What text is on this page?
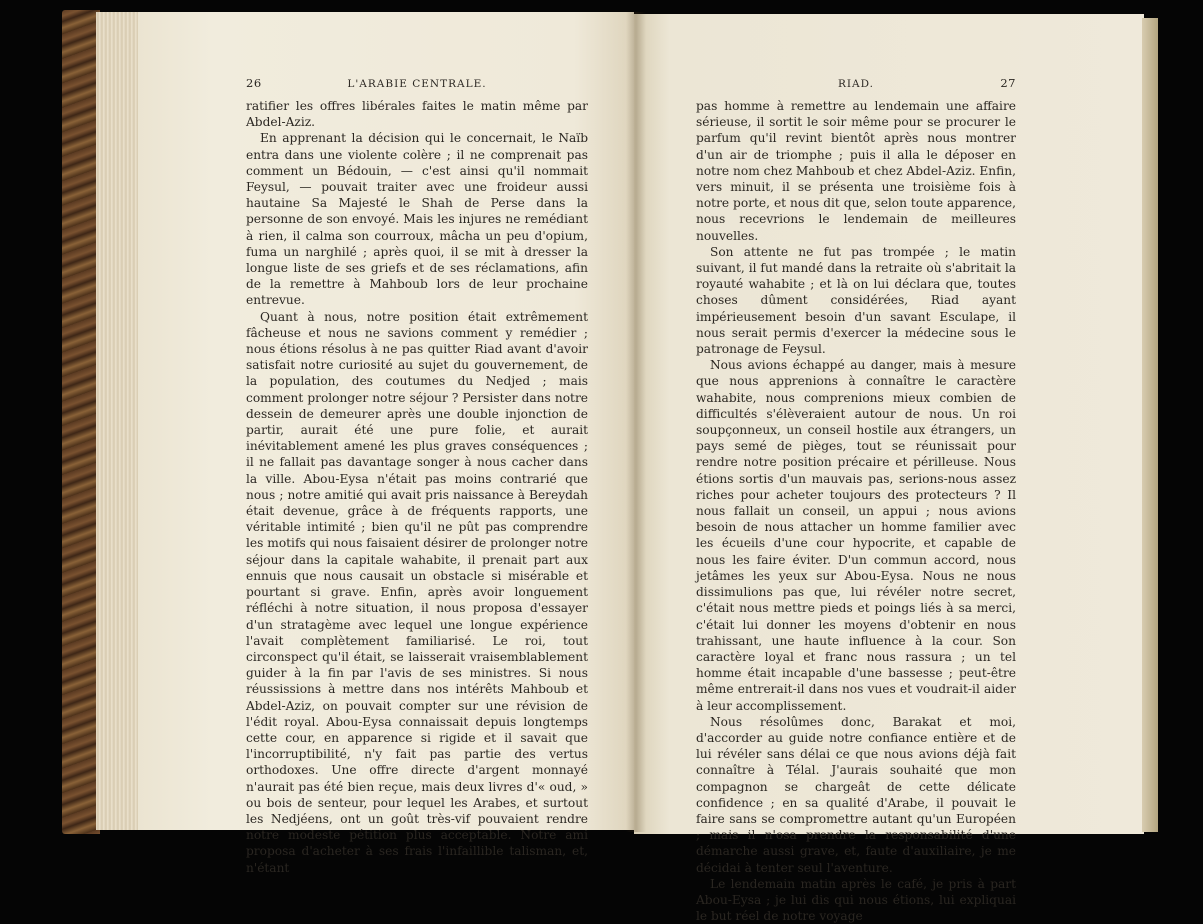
26	L'ARABIE CENTRALE.

ratifier les offres libérales faites le matin même par Abdel-Aziz.

En apprenant la décision qui le concernait, le Naïb entra dans une violente colère ; il ne comprenait pas comment un Bédouin, — c'est ainsi qu'il nommait Feysul, — pouvait traiter avec une froideur aussi hautaine Sa Majesté le Shah de Perse dans la personne de son envoyé. Mais les injures ne remédiant à rien, il calma son courroux, mâcha un peu d'opium, fuma un narghilé ; après quoi, il se mit à dresser la longue liste de ses griefs et de ses réclamations, afin de la remettre à Mahboub lors de leur prochaine entrevue.

Quant à nous, notre position était extrêmement fâcheuse et nous ne savions comment y remédier ; nous étions résolus à ne pas quitter Riad avant d'avoir satisfait notre curiosité au sujet du gouvernement, de la population, des coutumes du Nedjed ; mais comment prolonger notre séjour ? Persister dans notre dessein de demeurer après une double injonction de partir, aurait été une pure folie, et aurait inévitablement amené les plus graves conséquences ; il ne fallait pas davantage songer à nous cacher dans la ville. Abou-Eysa n'était pas moins contrarié que nous ; notre amitié qui avait pris naissance à Bereydah était devenue, grâce à de fréquents rapports, une véritable intimité ; bien qu'il ne pût pas comprendre les motifs qui nous faisaient désirer de prolonger notre séjour dans la capitale wahabite, il prenait part aux ennuis que nous causait un obstacle si misérable et pourtant si grave. Enfin, après avoir longuement réfléchi à notre situation, il nous proposa d'essayer d'un stratagème avec lequel une longue expérience l'avait complètement familiarisé. Le roi, tout circonspect qu'il était, se laisserait vraisemblablement guider à la fin par l'avis de ses ministres. Si nous réussissions à mettre dans nos intérêts Mahboub et Abdel-Aziz, on pouvait compter sur une révision de l'édit royal. Abou-Eysa connaissait depuis longtemps cette cour, en apparence si rigide et il savait que l'incorruptibilité, n'y fait pas partie des vertus orthodoxes. Une offre directe d'argent monnayé n'aurait pas été bien reçue, mais deux livres d'« oud, » ou bois de senteur, pour lequel les Arabes, et surtout les Nedjéens, ont un goût très-vif pouvaient rendre notre modeste pétition plus acceptable. Notre ami proposa d'acheter à ses frais l'infaillible talisman, et, n'étant

RIAD.	27

pas homme à remettre au lendemain une affaire sérieuse, il sortit le soir même pour se procurer le parfum qu'il revint bientôt après nous montrer d'un air de triomphe ; puis il alla le déposer en notre nom chez Mahboub et chez Abdel-Aziz. Enfin, vers minuit, il se présenta une troisième fois à notre porte, et nous dit que, selon toute apparence, nous recevrions le lendemain de meilleures nouvelles.

Son attente ne fut pas trompée ; le matin suivant, il fut mandé dans la retraite où s'abritait la royauté wahabite ; et là on lui déclara que, toutes choses dûment considérées, Riad ayant impérieusement besoin d'un savant Esculape, il nous serait permis d'exercer la médecine sous le patronage de Feysul.

Nous avions échappé au danger, mais à mesure que nous apprenions à connaître le caractère wahabite, nous comprenions mieux combien de difficultés s'élèveraient autour de nous. Un roi soupçonneux, un conseil hostile aux étrangers, un pays semé de pièges, tout se réunissait pour rendre notre position précaire et périlleuse. Nous étions sortis d'un mauvais pas, serions-nous assez riches pour acheter toujours des protecteurs ? Il nous fallait un conseil, un appui ; nous avions besoin de nous attacher un homme familier avec les écueils d'une cour hypocrite, et capable de nous les faire éviter. D'un commun accord, nous jetâmes les yeux sur Abou-Eysa. Nous ne nous dissimulions pas que, lui révéler notre secret, c'était nous mettre pieds et poings liés à sa merci, c'était lui donner les moyens d'obtenir en nous trahissant, une haute influence à la cour. Son caractère loyal et franc nous rassura ; un tel homme était incapable d'une bassesse ; peut-être même entrerait-il dans nos vues et voudrait-il aider à leur accomplissement.

Nous résolûmes donc, Barakat et moi, d'accorder au guide notre confiance entière et de lui révéler sans délai ce que nous avions déjà fait connaître à Télal. J'aurais souhaité que mon compagnon se chargeât de cette délicate confidence ; en sa qualité d'Arabe, il pouvait le faire sans se compromettre autant qu'un Européen ; mais il n'osa prendre la responsabilité d'une démarche aussi grave, et, faute d'auxiliaire, je me décidai à tenter seul l'aventure.

Le lendemain matin après le café, je pris à part Abou-Eysa ; je lui dis qui nous étions, lui expliquai le but réel de notre voyage
